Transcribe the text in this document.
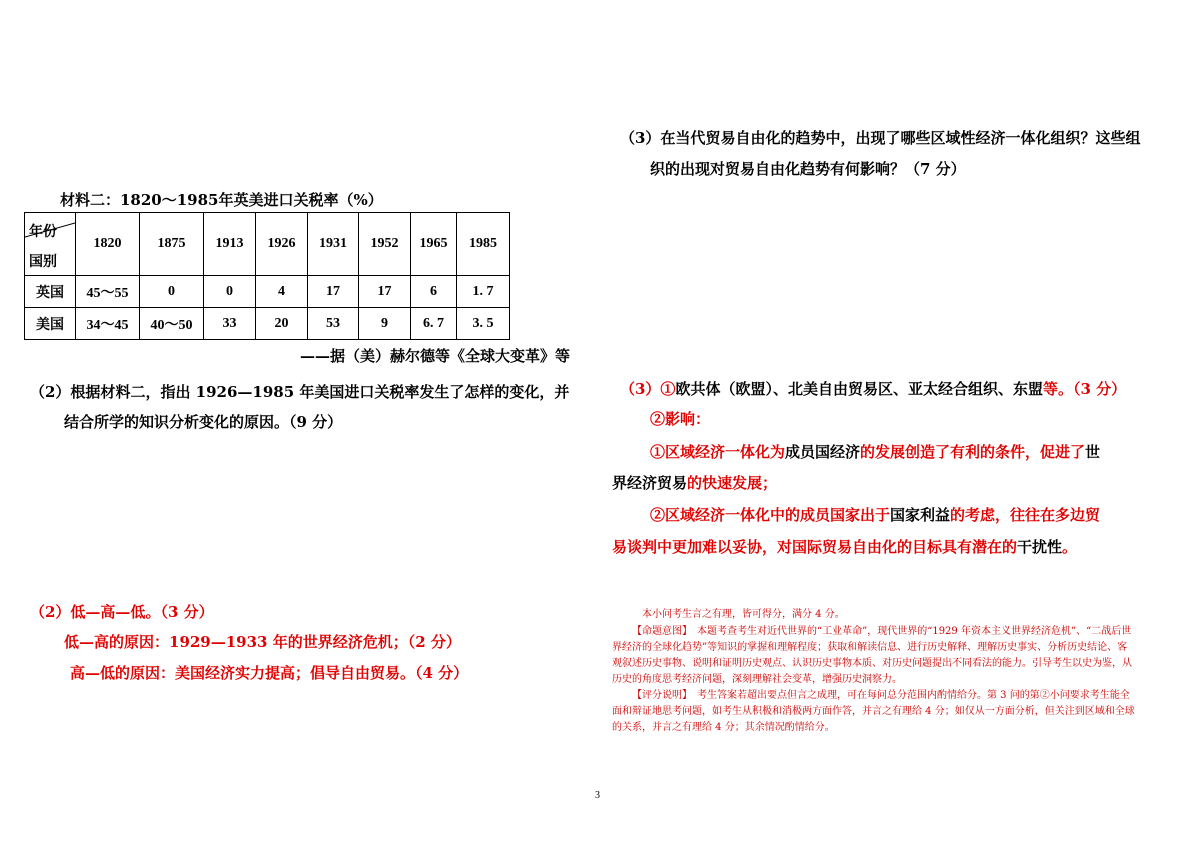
材料二：1820～1985年英美进口关税率（%）
年份
国别	1820	1875	1913	1926	1931	1952	1965	1985
英国	45～55	0	0	4	17	17	6	1. 7
美国	34～45	40～50	33	20	53	9	6. 7	3. 5
——据（美）赫尔德等《全球大变革》等
（2）根据材料二，指出 1926—1985 年美国进口关税率发生了怎样的变化，并
结合所学的知识分析变化的原因。（9 分）
（2）低—高—低。（3 分）
低—高的原因：1929—1933 年的世界经济危机；（2 分）
高—低的原因：美国经济实力提高；倡导自由贸易。（4 分）
（3）在当代贸易自由化的趋势中，出现了哪些区域性经济一体化组织？这些组
织的出现对贸易自由化趋势有何影响？（7 分）
（3）①欧共体（欧盟）、北美自由贸易区、亚太经合组织、东盟等。（3 分）
②影响：
①区域经济一体化为成员国经济的发展创造了有利的条件，促进了世
界经济贸易的快速发展；
②区域经济一体化中的成员国家出于国家利益的考虑，往往在多边贸
易谈判中更加难以妥协，对国际贸易自由化的目标具有潜在的干扰性。
本小问考生言之有理，皆可得分，满分 4 分。
【命题意图】　本题考查考生对近代世界的“工业革命”，现代世界的“1929 年资本主义世界经济危机”、“二战后世
界经济的全球化趋势”等知识的掌握和理解程度；获取和解读信息、进行历史解释、理解历史事实、分析历史结论、客
观叙述历史事物、说明和证明历史观点、认识历史事物本质、对历史问题提出不同看法的能力。引导考生以史为鉴，从
历史的角度思考经济问题，深刻理解社会变革，增强历史洞察力。
【评分说明】　考生答案若超出要点但言之成理，可在每问总分范围内酌情给分。第 3 问的第②小问要求考生能全
面和辩证地思考问题，如考生从积极和消极两方面作答，并言之有理给 4 分；如仅从一方面分析，但关注到区域和全球
的关系，并言之有理给 4 分；其余情况酌情给分。
3
